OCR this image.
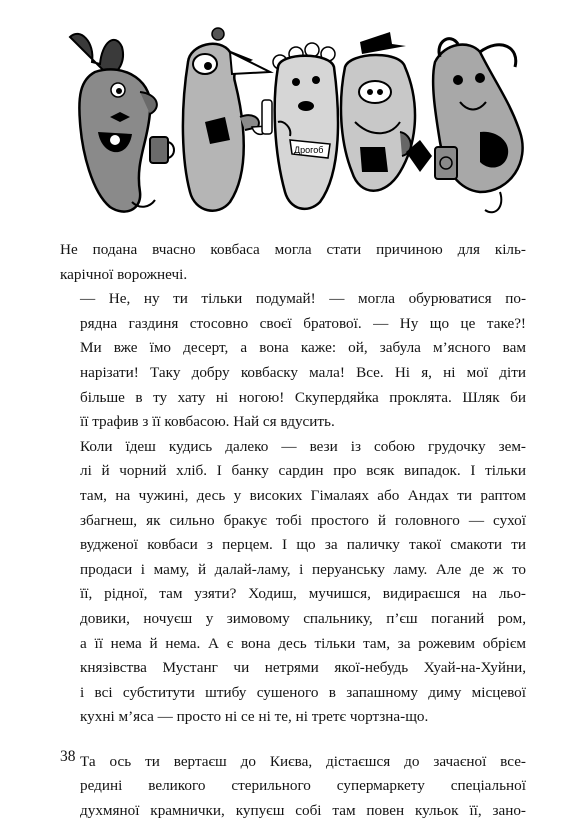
Дрогоб

Не подана вчасно ковбаса могла стати причиною для кіль-
карічної ворожнечі.

— Не, ну ти тільки подумай! — могла обурюватися по-
рядна газдиня стосовно своєї братової. — Ну що це таке?!
Ми вже їмо десерт, а вона каже: ой, забула м’ясного вам
нарізати! Таку добру ковбаску мала! Все. Ні я, ні мої діти
більше в ту хату ні ногою! Скупердяйка проклята. Шляк би
її трафив з її ковбасою. Най ся вдусить.

Коли їдеш кудись далеко — вези із собою грудочку зем-
лі й чорний хліб. І банку сардин про всяк випадок. І тільки
там, на чужині, десь у високих Гімалаях або Андах ти раптом
збагнеш, як сильно бракує тобі простого й головного — сухої
вудженої ковбаси з перцем. І що за паличку такої смакоти ти
продаси і маму, й далай-ламу, і перуанську ламу. Але де ж то
її, рідної, там узяти? Ходиш, мучишся, видираєшся на льо-
довики, ночуєш у зимовому спальнику, п’єш поганий ром,
а її нема й нема. А є вона десь тільки там, за рожевим обрієм
князівства Мустанг чи нетрями якої-небудь Хуай-на-Хуйни,
і всі субститути штибу сушеного в запашному диму місцевої
кухні м’яса — просто ні се ні те, ні третє чортзна-що.

Та ось ти вертаєш до Києва, дістаєшся до зачаєної все-
редині великого стерильного супермаркету спеціальної
духмяної крамнички, купуєш собі там повен кульок її, зано-

38
